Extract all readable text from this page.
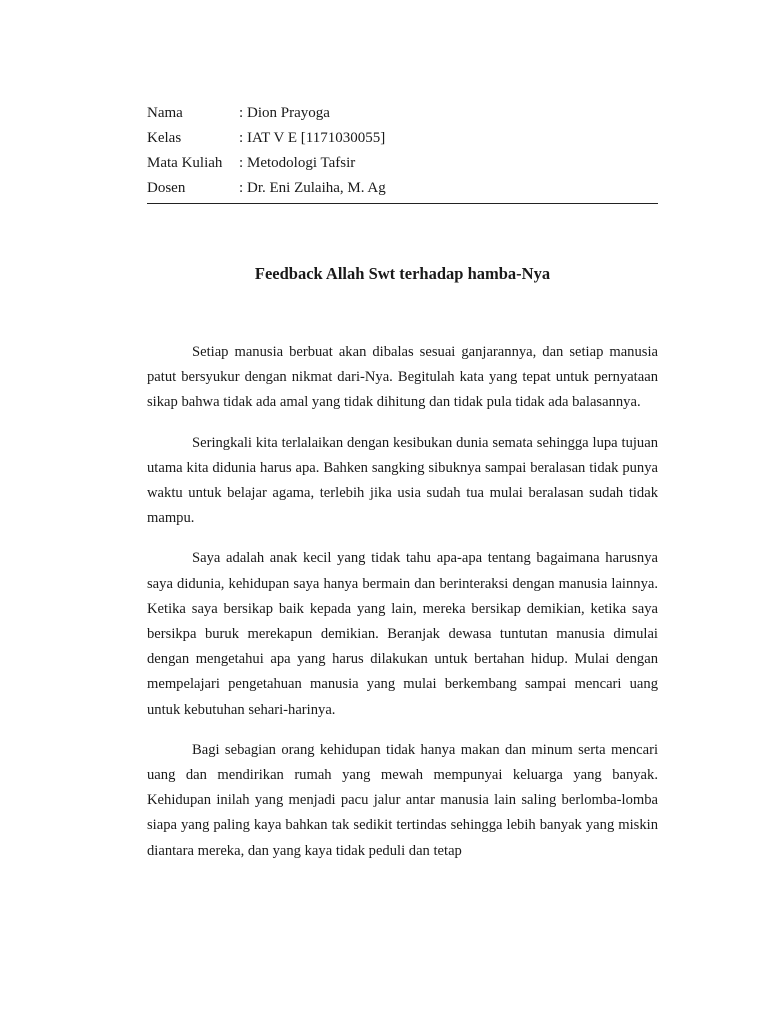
Nama	: Dion Prayoga
Kelas	: IAT V E [1171030055]
Mata Kuliah	: Metodologi Tafsir
Dosen	: Dr. Eni Zulaiha, M. Ag
Feedback Allah Swt terhadap hamba-Nya

Setiap manusia berbuat akan dibalas sesuai ganjarannya, dan setiap manusia patut bersyukur dengan nikmat dari-Nya. Begitulah kata yang tepat untuk pernyataan sikap bahwa tidak ada amal yang tidak dihitung dan tidak pula tidak ada balasannya.

Seringkali kita terlalaikan dengan kesibukan dunia semata sehingga lupa tujuan utama kita didunia harus apa. Bahken sangking sibuknya sampai beralasan tidak punya waktu untuk belajar agama, terlebih jika usia sudah tua mulai beralasan sudah tidak mampu.

Saya adalah anak kecil yang tidak tahu apa-apa tentang bagaimana harusnya saya didunia, kehidupan saya hanya bermain dan berinteraksi dengan manusia lainnya. Ketika saya bersikap baik kepada yang lain, mereka bersikap demikian, ketika saya bersikpa buruk merekapun demikian. Beranjak dewasa tuntutan manusia dimulai dengan mengetahui apa yang harus dilakukan untuk bertahan hidup. Mulai dengan mempelajari pengetahuan manusia yang mulai berkembang sampai mencari uang untuk kebutuhan sehari-harinya.

Bagi sebagian orang kehidupan tidak hanya makan dan minum serta mencari uang dan mendirikan rumah yang mewah mempunyai keluarga yang banyak. Kehidupan inilah yang menjadi pacu jalur antar manusia lain saling berlomba-lomba siapa yang paling kaya bahkan tak sedikit tertindas sehingga lebih banyak yang miskin diantara mereka, dan yang kaya tidak peduli dan tetap
